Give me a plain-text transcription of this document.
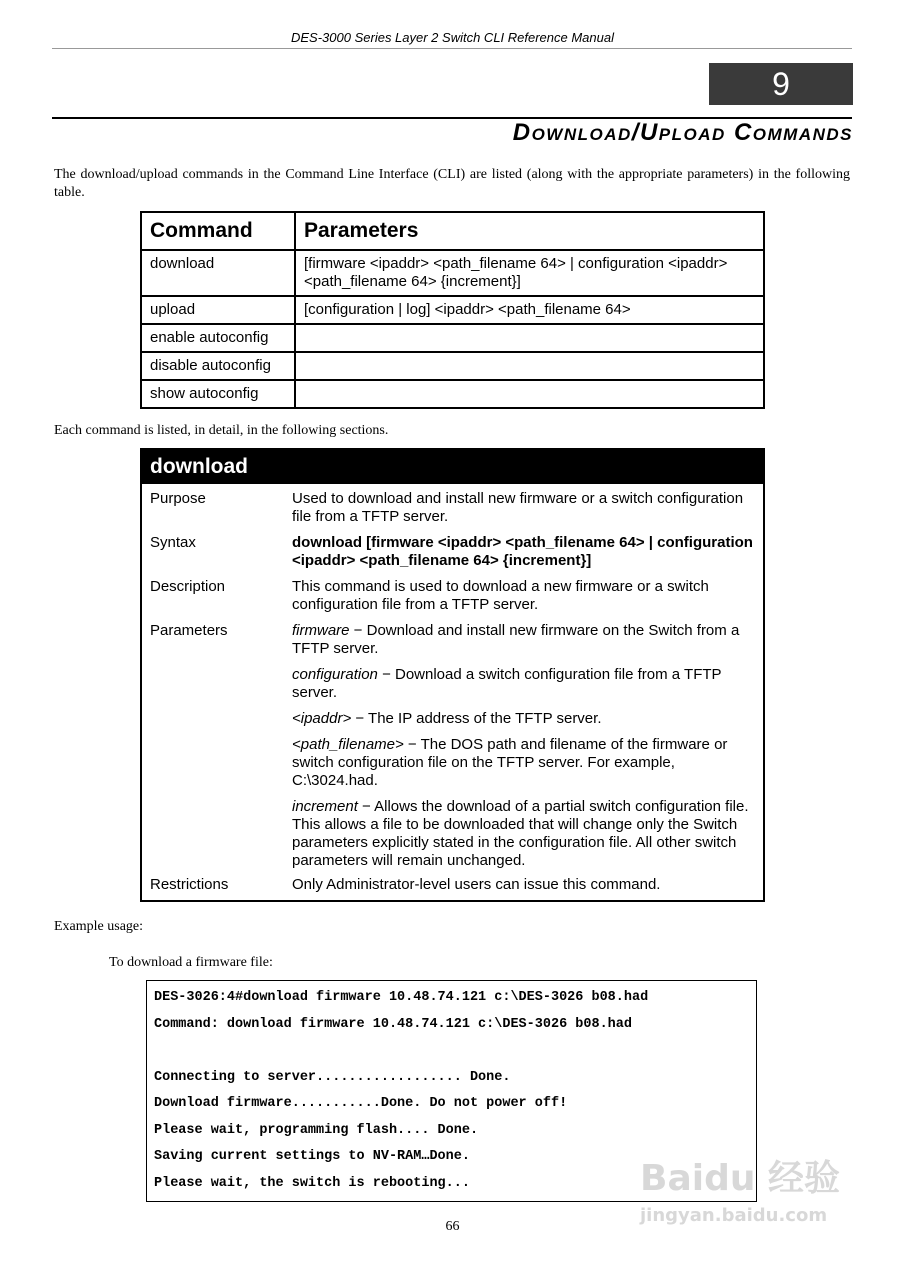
DES-3000 Series Layer 2 Switch CLI Reference Manual
9
Download/Upload Commands
The download/upload commands in the Command Line Interface (CLI) are listed (along with the appropriate parameters) in the following table.
Command	Parameters
download	[firmware <ipaddr> <path_filename 64> | configuration <ipaddr> <path_filename 64> {increment}]
upload	[configuration | log] <ipaddr> <path_filename 64>
enable autoconfig	
disable autoconfig	
show autoconfig	
Each command is listed, in detail, in the following sections.
download
Purpose	Used to download and install new firmware or a switch configuration file from a TFTP server.
Syntax	download [firmware <ipaddr> <path_filename 64> | configuration <ipaddr> <path_filename 64> {increment}]
Description	This command is used to download a new firmware or a switch configuration file from a TFTP server.
Parameters	firmware − Download and install new firmware on the Switch from a TFTP server.
configuration − Download a switch configuration file from a TFTP server.
<ipaddr> − The IP address of the TFTP server.
<path_filename> − The DOS path and filename of the firmware or switch configuration file on the TFTP server. For example, C:\3024.had.
increment − Allows the download of a partial switch configuration file. This allows a file to be downloaded that will change only the Switch parameters explicitly stated in the configuration file. All other switch parameters will remain unchanged.
Restrictions	Only Administrator-level users can issue this command.
Example usage:
To download a firmware file:
DES-3026:4#download firmware 10.48.74.121 c:\DES-3026 b08.had
Command: download firmware 10.48.74.121 c:\DES-3026 b08.had
Connecting to server.................. Done.
Download firmware...........Done. Do not power off!
Please wait, programming flash.... Done.
Saving current settings to NV-RAM…Done.
Please wait, the switch is rebooting...
66
Baidu 经验
jingyan.baidu.com
